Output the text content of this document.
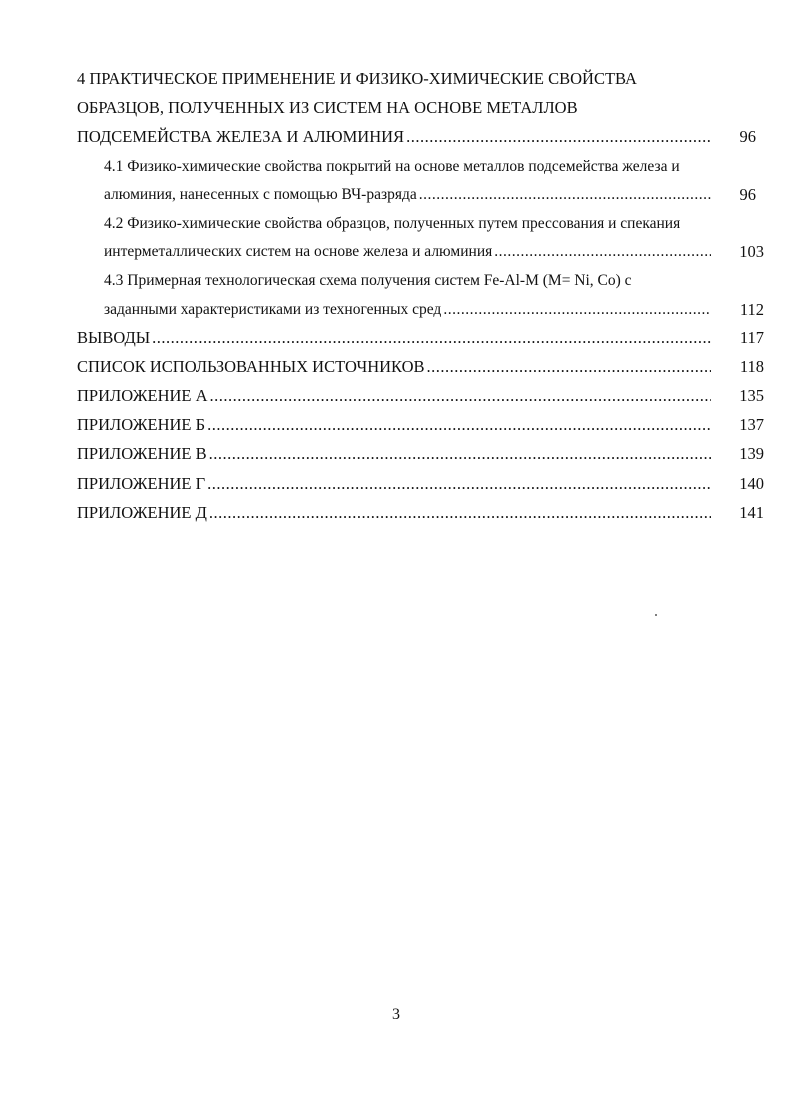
4 ПРАКТИЧЕСКОЕ ПРИМЕНЕНИЕ И ФИЗИКО-ХИМИЧЕСКИЕ СВОЙСТВА
ОБРАЗЦОВ, ПОЛУЧЕННЫХ ИЗ СИСТЕМ НА ОСНОВЕ МЕТАЛЛОВ
ПОДСЕМЕЙСТВА ЖЕЛЕЗА И АЛЮМИНИЯ .....	96
4.1 Физико-химические свойства покрытий на основе металлов подсемейства железа и
алюминия, нанесенных с помощью ВЧ-разряда .....	96
4.2 Физико-химические свойства образцов, полученных путем прессования и спекания
интерметаллических систем на основе железа и алюминия .....	103
4.3 Примерная технологическая схема получения систем Fe-Al-M (M= Ni, Co) с
заданными характеристиками из техногенных сред .....	112
ВЫВОДЫ .....	117
СПИСОК ИСПОЛЬЗОВАННЫХ ИСТОЧНИКОВ .....	118
ПРИЛОЖЕНИЕ А .....	135
ПРИЛОЖЕНИЕ Б .....	137
ПРИЛОЖЕНИЕ В .....	139
ПРИЛОЖЕНИЕ Г .....	140
ПРИЛОЖЕНИЕ Д .....	141
3
